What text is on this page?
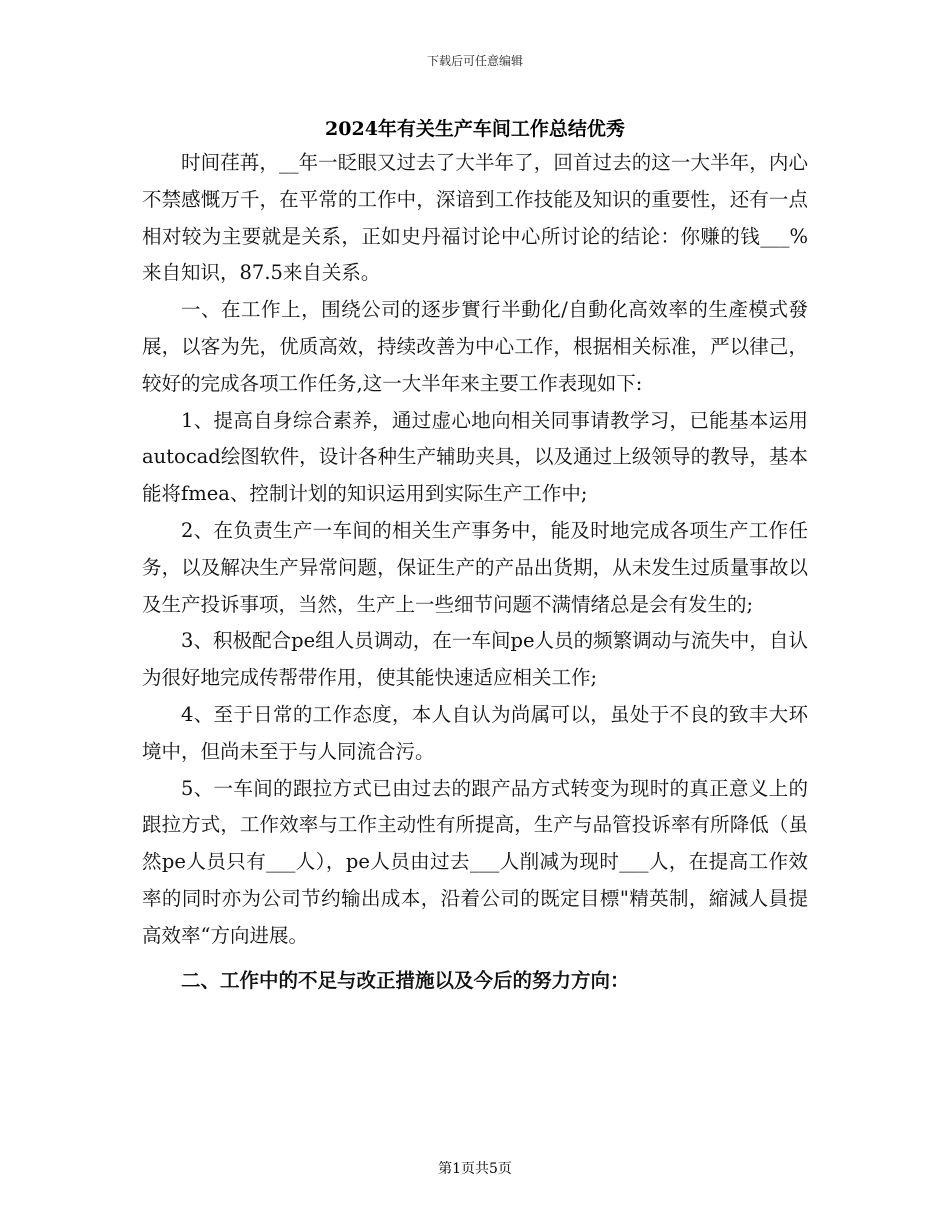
下载后可任意编辑
2024年有关生产车间工作总结优秀

时间荏苒，__年一眨眼又过去了大半年了，回首过去的这一大半年，内心不禁感慨万千，在平常的工作中，深谙到工作技能及知识的重要性，还有一点相对较为主要就是关系，正如史丹福讨论中心所讨论的结论：你赚的钱___%来自知识，87.5来自关系。

一、在工作上，围绕公司的逐步實行半動化/自動化高效率的生產模式發展，以客为先，优质高效，持续改善为中心工作，根据相关标准，严以律己，较好的完成各项工作任务,这一大半年来主要工作表现如下:

1、提高自身综合素养，通过虚心地向相关同事请教学习，已能基本运用autocad绘图软件，设计各种生产辅助夹具，以及通过上级领导的教导，基本能将fmea、控制计划的知识运用到实际生产工作中;

2、在负责生产一车间的相关生产事务中，能及时地完成各项生产工作任务，以及解决生产异常问题，保证生产的产品出货期，从未发生过质量事故以及生产投诉事项，当然，生产上一些细节问题不满情绪总是会有发生的;

3、积极配合pe组人员调动，在一车间pe人员的频繁调动与流失中，自认为很好地完成传帮带作用，使其能快速适应相关工作;

4、至于日常的工作态度，本人自认为尚属可以，虽处于不良的致丰大环境中，但尚未至于与人同流合污。

5、一车间的跟拉方式已由过去的跟产品方式转变为现时的真正意义上的跟拉方式，工作效率与工作主动性有所提高，生产与品管投诉率有所降低（虽然pe人员只有___人），pe人员由过去___人削减为现时___人，在提高工作效率的同时亦为公司节约输出成本，沿着公司的既定目標"精英制，縮減人員提高效率“方向进展。

二、工作中的不足与改正措施以及今后的努力方向：

第1页共5页
